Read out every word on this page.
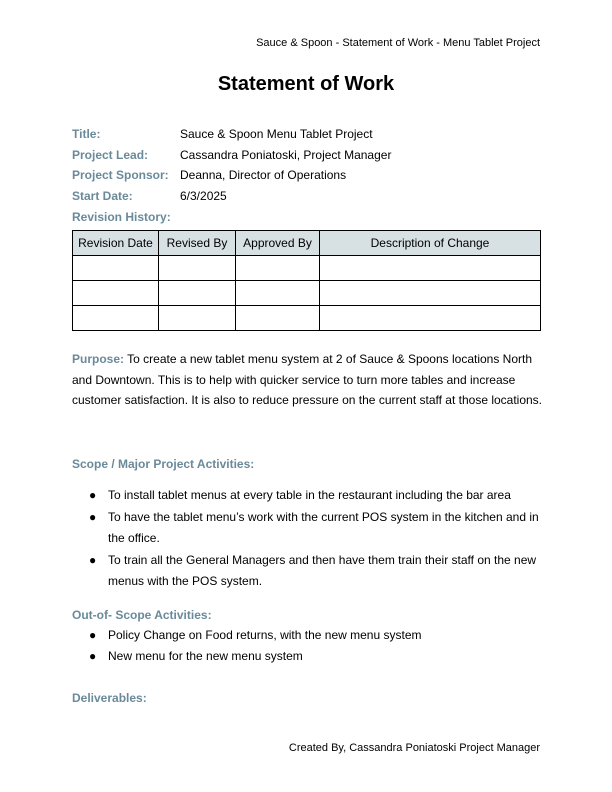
Sauce & Spoon - Statement of Work - Menu Tablet Project
Statement of Work
Title:	Sauce & Spoon Menu Tablet Project
Project Lead:	Cassandra Poniatoski, Project Manager
Project Sponsor: Deanna, Director of Operations
Start Date:	6/3/2025
Revision History:
Revision Date	Revised By	Approved By	Description of Change

Purpose: To create a new tablet menu system at 2 of Sauce & Spoons locations North and Downtown. This is to help with quicker service to turn more tables and increase customer satisfaction. It is also to reduce pressure on the current staff at those locations.
Scope / Major Project Activities:
● To install tablet menus at every table in the restaurant including the bar area
● To have the tablet menu’s work with the current POS system in the kitchen and in the office.
● To train all the General Managers and then have them train their staff on the new menus with the POS system.
Out-of- Scope Activities:
● Policy Change on Food returns, with the new menu system
● New menu for the new menu system
Deliverables:
Created By, Cassandra Poniatoski Project Manager
